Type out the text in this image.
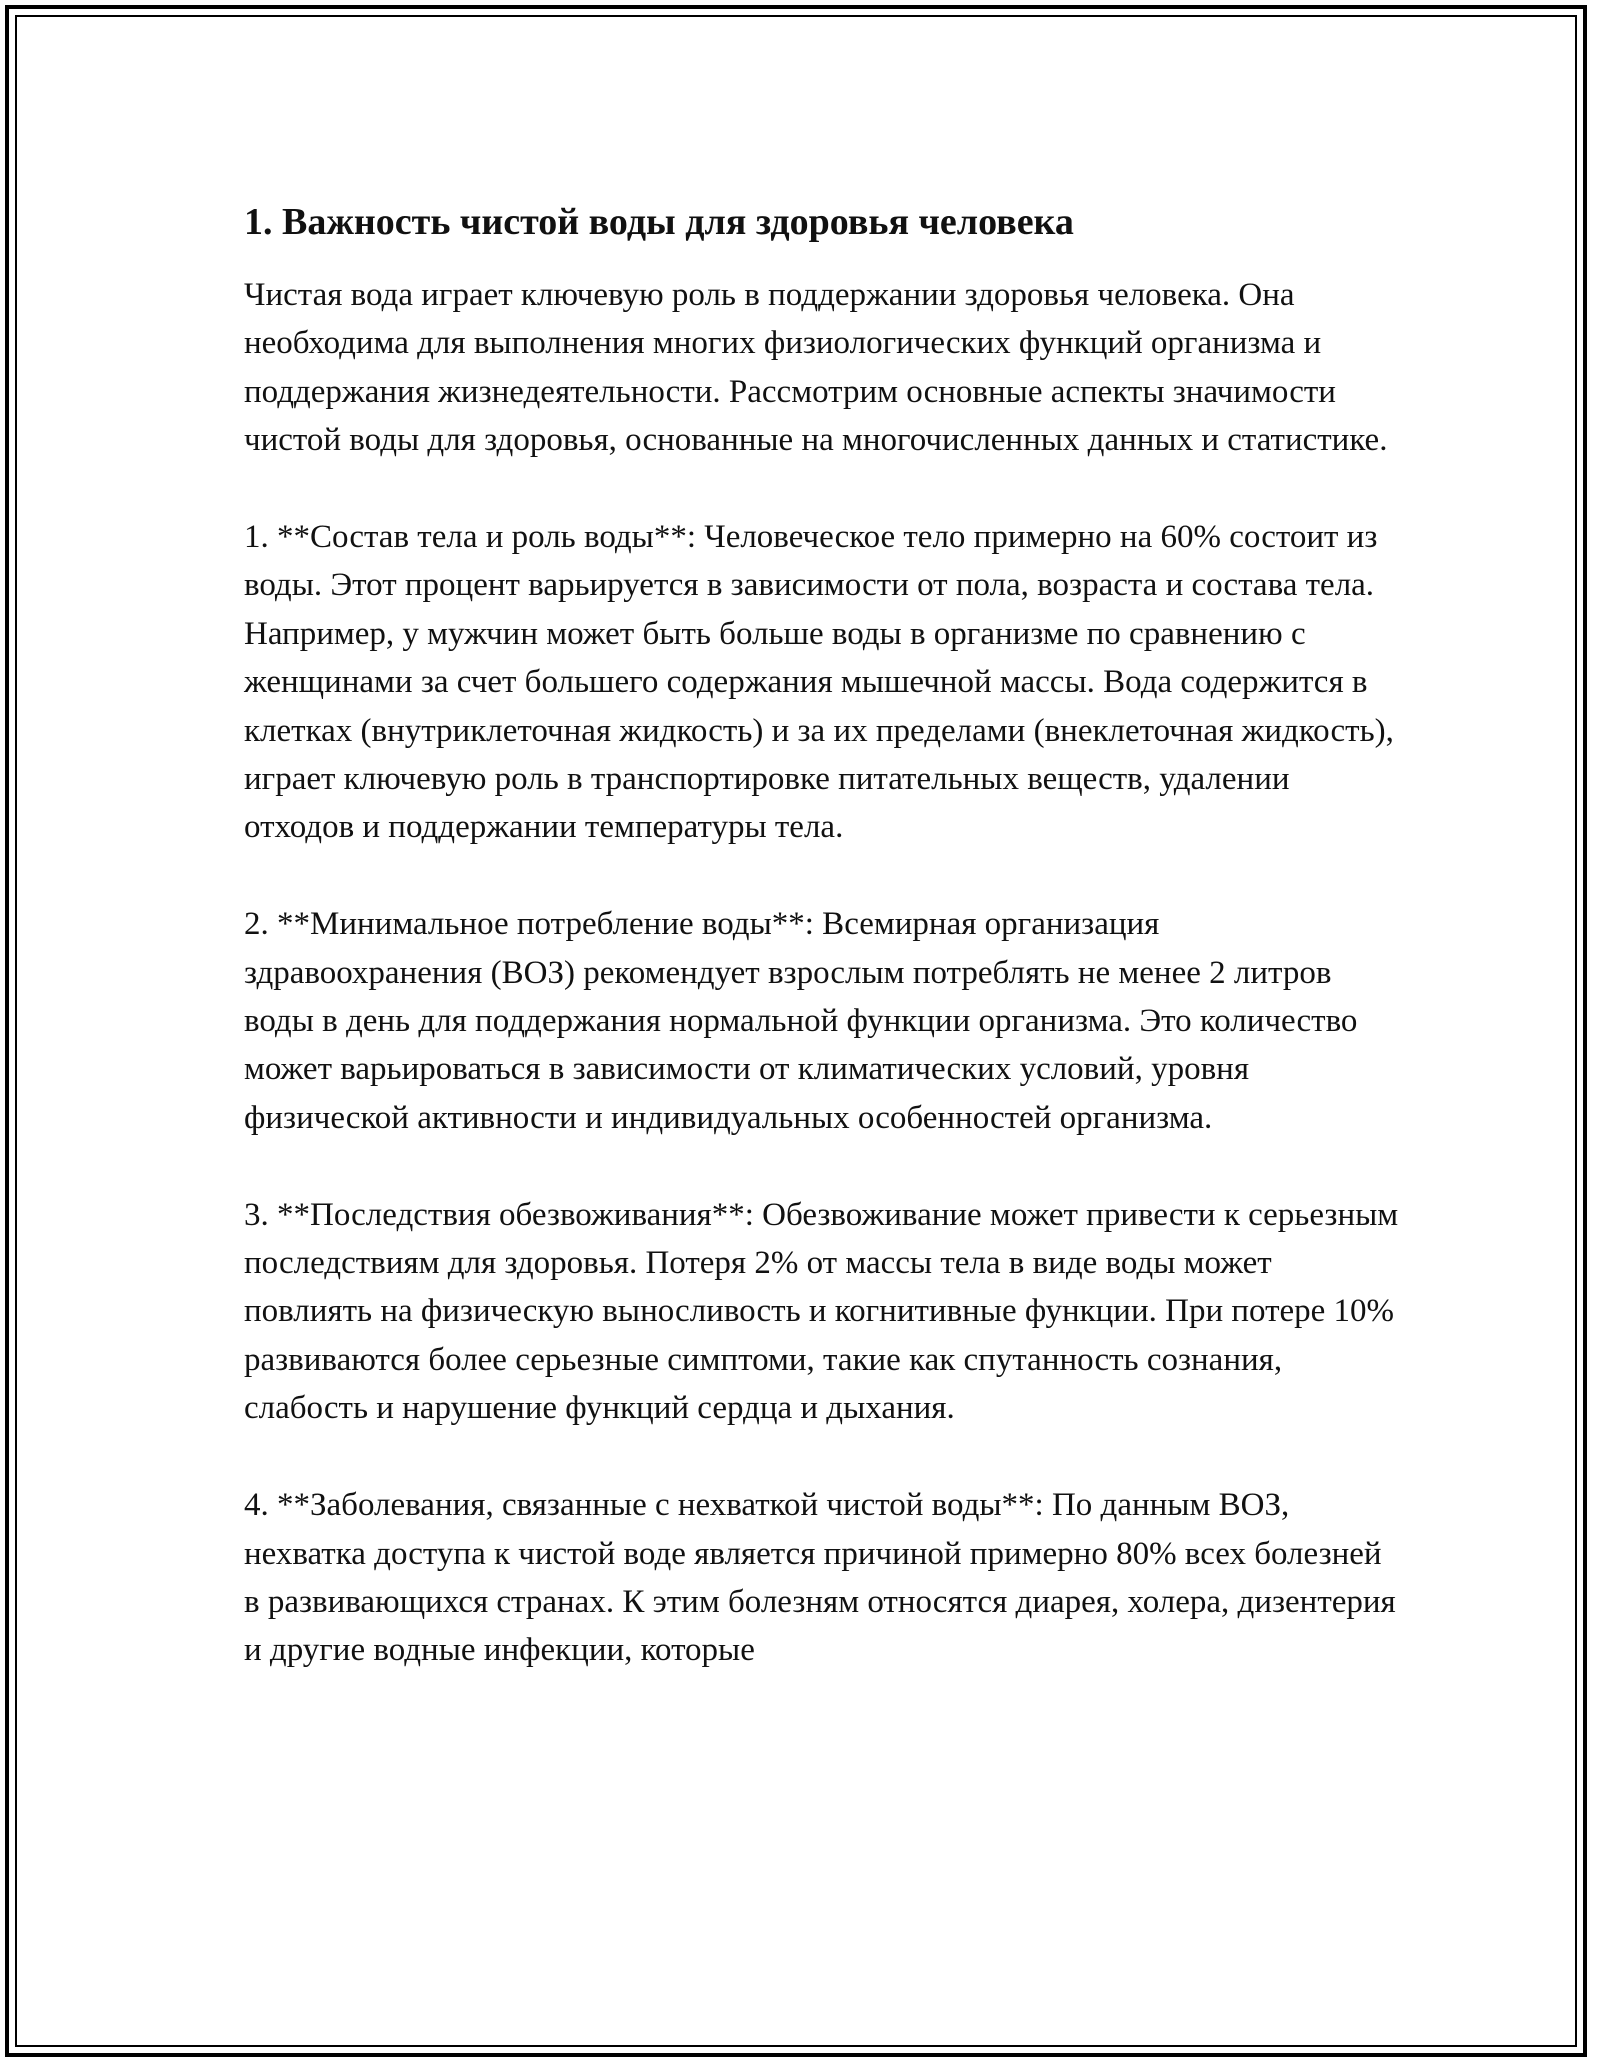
1. Важность чистой воды для здоровья человека

Чистая вода играет ключевую роль в поддержании здоровья человека. Она необходима для выполнения многих физиологических функций организма и поддержания жизнедеятельности. Рассмотрим основные аспекты значимости чистой воды для здоровья, основанные на многочисленных данных и статистике.

1. **Состав тела и роль воды**: Человеческое тело примерно на 60% состоит из воды. Этот процент варьируется в зависимости от пола, возраста и состава тела. Например, у мужчин может быть больше воды в организме по сравнению с женщинами за счет большего содержания мышечной массы. Вода содержится в клетках (внутриклеточная жидкость) и за их пределами (внеклеточная жидкость), играет ключевую роль в транспортировке питательных веществ, удалении отходов и поддержании температуры тела.

2. **Минимальное потребление воды**: Всемирная организация здравоохранения (ВОЗ) рекомендует взрослым потреблять не менее 2 литров воды в день для поддержания нормальной функции организма. Это количество может варьироваться в зависимости от климатических условий, уровня физической активности и индивидуальных особенностей организма.

3. **Последствия обезвоживания**: Обезвоживание может привести к серьезным последствиям для здоровья. Потеря 2% от массы тела в виде воды может повлиять на физическую выносливость и когнитивные функции. При потере 10% развиваются более серьезные симптоми, такие как спутанность сознания, слабость и нарушение функций сердца и дыхания.

4. **Заболевания, связанные с нехваткой чистой воды**: По данным ВОЗ, нехватка доступа к чистой воде является причиной примерно 80% всех болезней в развивающихся странах. К этим болезням относятся диарея, холера, дизентерия и другие водные инфекции, которые
